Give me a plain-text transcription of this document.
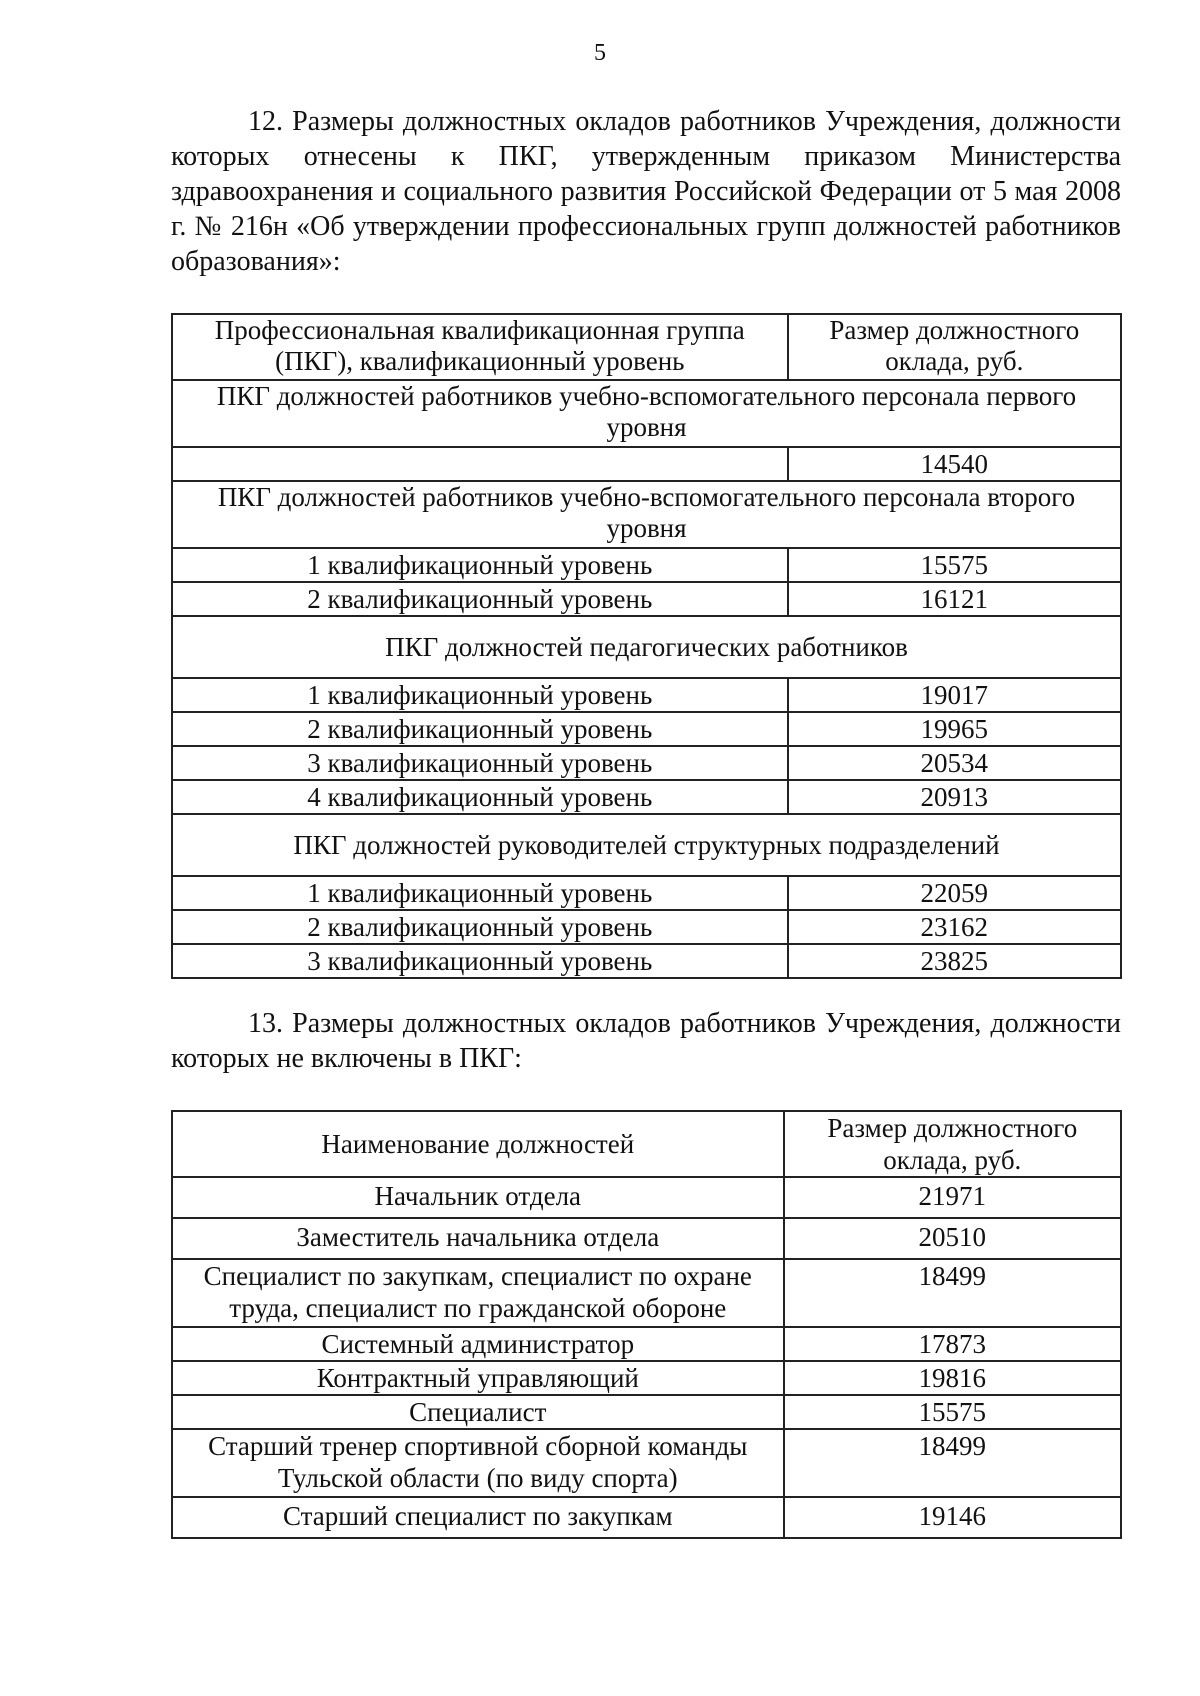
5

12. Размеры должностных окладов работников Учреждения, должности которых отнесены к ПКГ, утвержденным приказом Министерства здравоохранения и социального развития Российской Федерации от 5 мая 2008 г. № 216н «Об утверждении профессиональных групп должностей работников образования»:

Профессиональная квалификационная группа (ПКГ), квалификационный уровень	Размер должностного оклада, руб.
ПКГ должностей работников учебно-вспомогательного персонала первого уровня	
	14540
ПКГ должностей работников учебно-вспомогательного персонала второго уровня	
1 квалификационный уровень	15575
2 квалификационный уровень	16121
ПКГ должностей педагогических работников	
1 квалификационный уровень	19017
2 квалификационный уровень	19965
3 квалификационный уровень	20534
4 квалификационный уровень	20913
ПКГ должностей руководителей структурных подразделений	
1 квалификационный уровень	22059
2 квалификационный уровень	23162
3 квалификационный уровень	23825

13. Размеры должностных окладов работников Учреждения, должности которых не включены в ПКГ:

Наименование должностей	Размер должностного оклада, руб.
Начальник отдела	21971
Заместитель начальника отдела	20510
Специалист по закупкам, специалист по охране труда, специалист по гражданской обороне	18499
Системный администратор	17873
Контрактный управляющий	19816
Специалист	15575
Старший тренер спортивной сборной команды Тульской области (по виду спорта)	18499
Старший специалист по закупкам	19146
